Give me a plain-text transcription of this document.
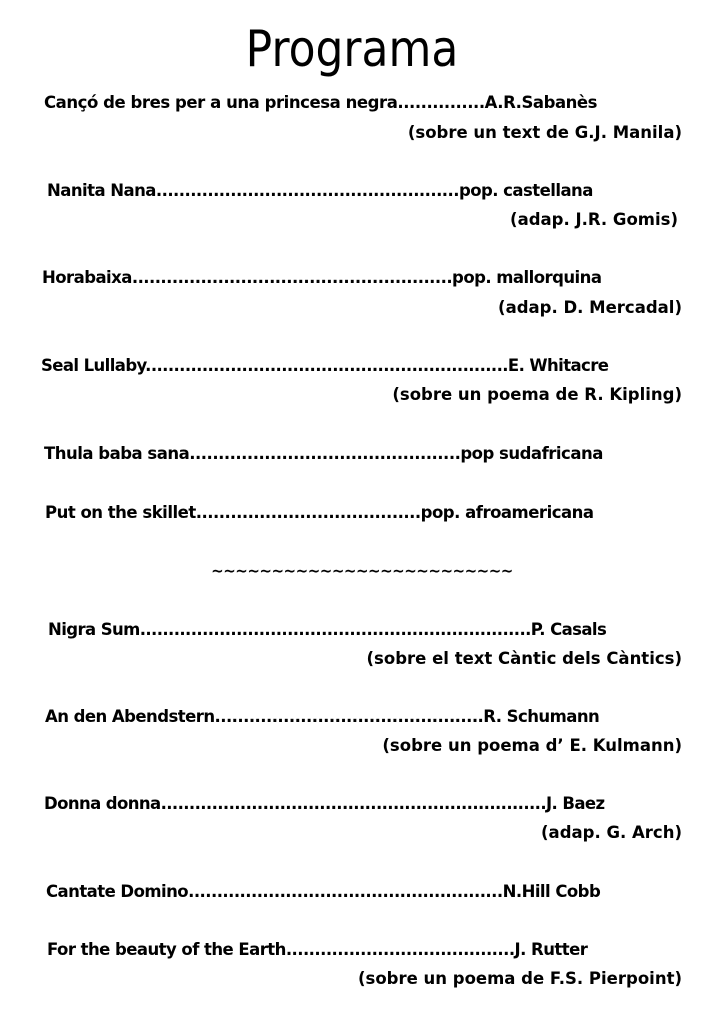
Programa
Cançó de bres per a una princesa negra...............A.R.Sabanès
(sobre un text de G.J. Manila)
Nanita Nana.....................................................pop. castellana
(adap. J.R. Gomis)
Horabaixa........................................................pop. mallorquina
(adap. D. Mercadal)
Seal Lullaby................................................................E. Whitacre
(sobre un poema de R. Kipling)
Thula baba sana...............................................pop sudafricana
Put on the skillet.......................................pop. afroamericana
~~~~~~~~~~~~~~~~~~~~~~~~~
Nigra Sum.....................................................................P. Casals
(sobre el text Càntic dels Càntics)
An den Abendstern...............................................R. Schumann
(sobre un poema d’ E. Kulmann)
Donna donna....................................................................J. Baez
(adap. G. Arch)
Cantate Domino.......................................................N.Hill Cobb
For the beauty of the Earth........................................J. Rutter
(sobre un poema de F.S. Pierpoint)
